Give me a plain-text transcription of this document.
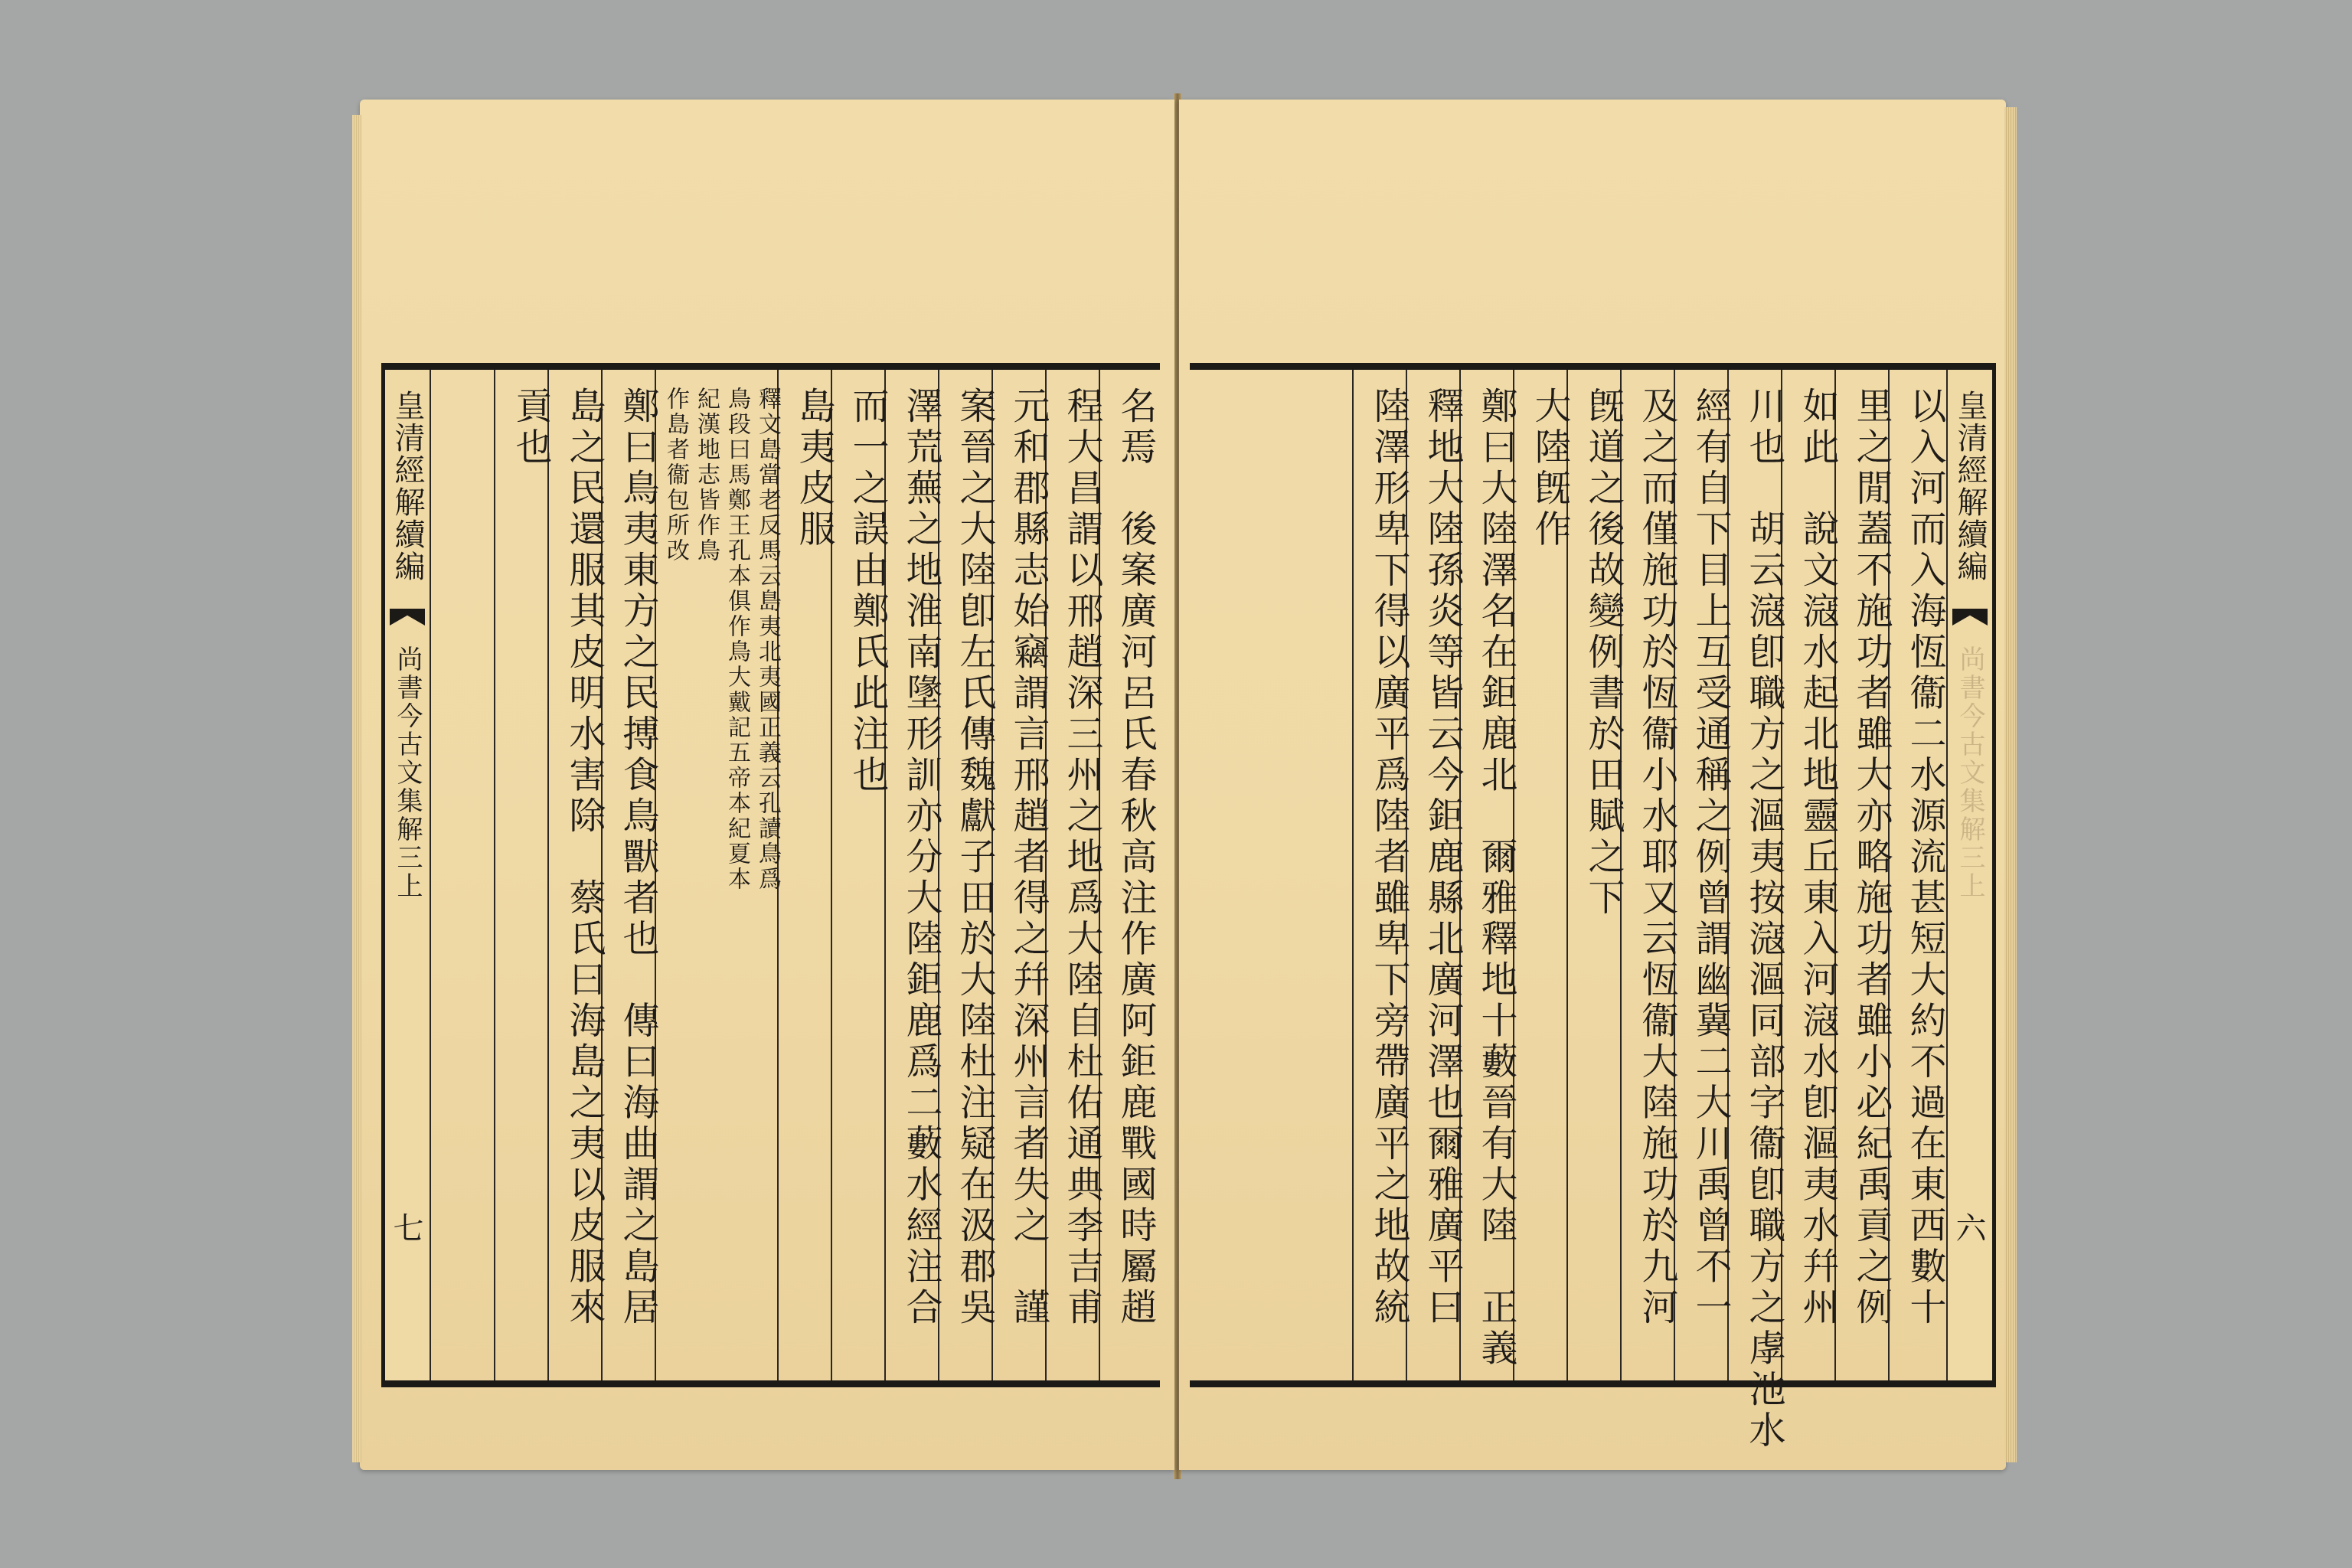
皇清經解續編
尚書今古文集解三上
七	名焉　後案廣河呂氏春秋高注作廣阿鉅鹿戰國時屬趙
程大昌謂以邢趙深三州之地爲大陸自杜佑通典李吉甫
元和郡縣志始竊謂言邢趙者得之幷深州言者失之　謹
案晉之大陸卽左氏傳魏獻子田於大陸杜注疑在汲郡吳
澤荒蕪之地淮南墬形訓亦分大陸鉅鹿爲二藪水經注合
而一之誤由鄭氏此注也
島夷皮服
釋文島當老反馬云島夷北夷國正義云孔讀鳥爲
鳥段曰馬鄭王孔本俱作鳥大戴記五帝本紀夏本
紀漢地志皆作鳥
作島者衞包所改
鄭曰鳥夷東方之民搏食鳥獸者也　傳曰海曲謂之島居
島之民還服其皮明水害除　蔡氏曰海島之夷以皮服來
貢也	皇清經解續編
尚書今古文集解三上
六
以入河而入海恆衞二水源流甚短大約不過在東西數十
里之閒蓋不施功者雖大亦略施功者雖小必紀禹貢之例
如此　說文滱水起北地靈丘東入河滱水卽漚夷水幷州
川也　胡云滱卽職方之漚夷按滱漚同部字衞卽職方之虖池水
經有自下目上互受通稱之例曾謂幽冀二大川禹曾不一
及之而僅施功於恆衞小水耶又云恆衞大陸施功於九河
旣道之後故變例書於田賦之下
大陸旣作
鄭曰大陸澤名在鉅鹿北　爾雅釋地十藪晉有大陸　正義
釋地大陸孫炎等皆云今鉅鹿縣北廣河澤也爾雅廣平曰
陸澤形卑下得以廣平爲陸者雖卑下旁帶廣平之地故統
